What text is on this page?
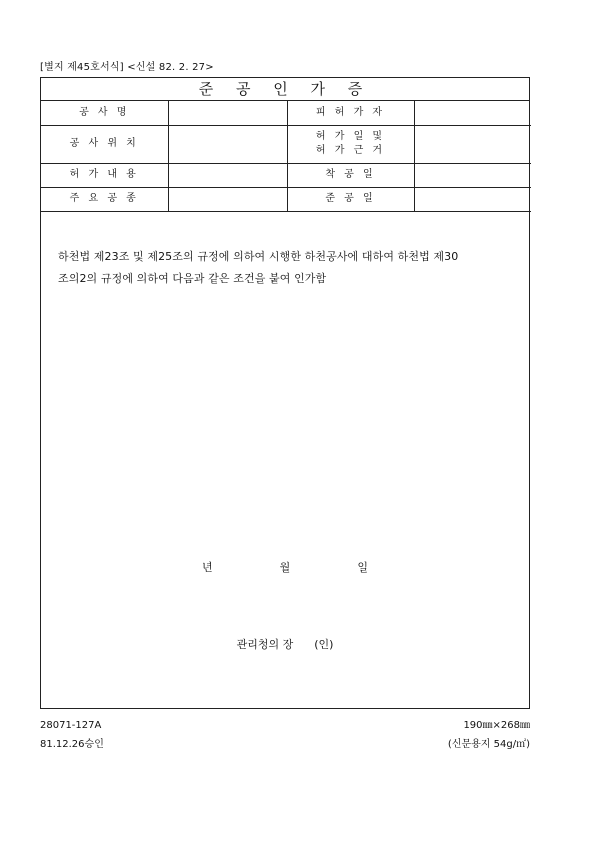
[별지 제45호서식] <신설 82. 2. 27>
준 공 인 가 증
공 사 명		피 허 가 자	
공 사 위 치		허 가 일 및
허 가 근 거	

허 가 내 용		착 공 일	
주 요 공 종		준 공 일	
하천법 제23조 및 제25조의 규정에 의하여 시행한 하천공사에 대하여 하천법 제30
조의2의 규정에 의하여 다음과 같은 조건을 붙여 인가함
년	월	일
관리청의 장 (인)
28071-127A
81.12.26승인
190㎜×268㎜
(신문용지 54g/㎡)
